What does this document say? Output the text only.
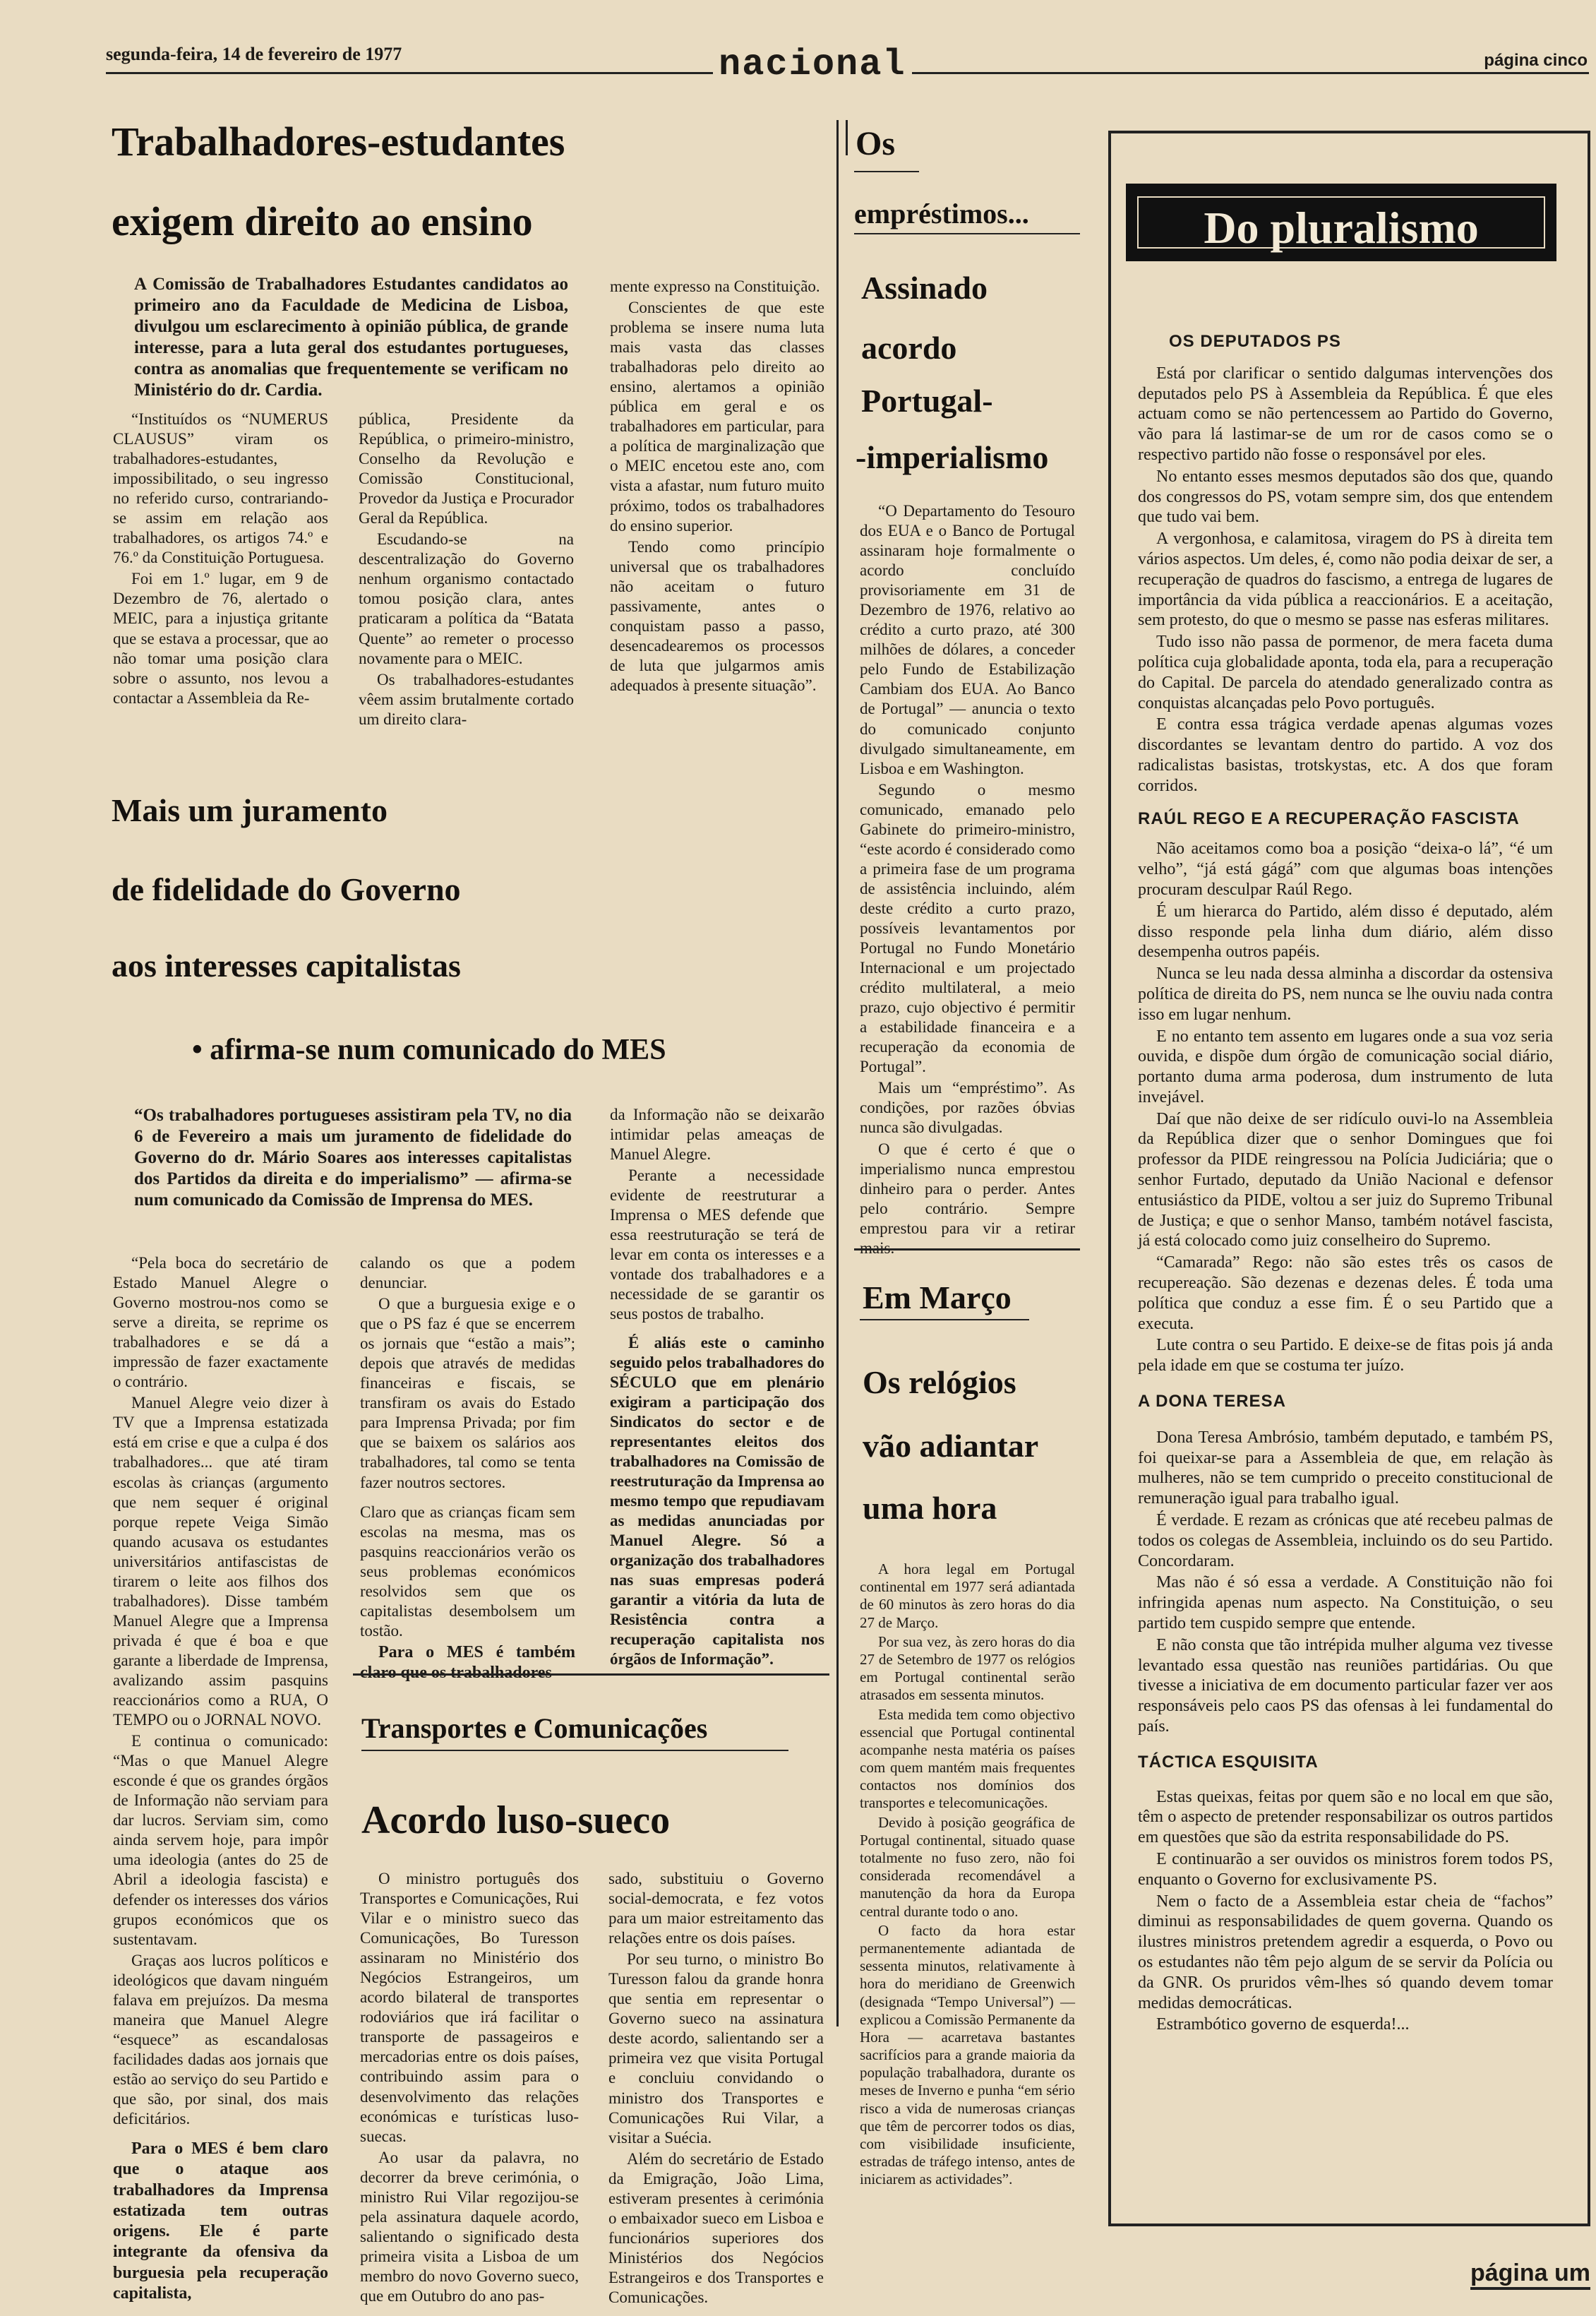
segunda-feira, 14 de fevereiro de 1977	nacional	página cinco
Trabalhadores-estudantes
exigem direito ao ensino
A Comissão de Trabalhadores Estudantes candidatos ao primeiro ano da Faculdade de Medicina de Lisboa, divulgou um esclarecimento à opinião pública, de grande interesse, para a luta geral dos estudantes portugueses, contra as anomalias que frequentemente se verificam no Ministério do dr. Cardia.

“Instituídos os “NUMERUS CLAUSUS” viram os trabalhadores-estudantes, impossibilitado, o seu ingresso no referido curso, contrariando-se assim em relação aos trabalhadores, os artigos 74.º e 76.º da Constituição Portuguesa.

Foi em 1.º lugar, em 9 de Dezembro de 76, alertado o MEIC, para a injustiça gritante que se estava a processar, que ao não tomar uma posição clara sobre o assunto, nos levou a contactar a Assembleia da Re-

pública, Presidente da República, o primeiro-ministro, Conselho da Revolução e Comissão Constitucional, Provedor da Justiça e Procurador Geral da República.

Escudando-se na descentralização do Governo nenhum organismo contactado tomou posição clara, antes praticaram a política da “Batata Quente” ao remeter o processo novamente para o MEIC.

Os trabalhadores-estudantes vêem assim brutalmente cortado um direito clara-

mente expresso na Constituição.

Conscientes de que este problema se insere numa luta mais vasta das classes trabalhadoras pelo direito ao ensino, alertamos a opinião pública em geral e os trabalhadores em particular, para a política de marginalização que o MEIC encetou este ano, com vista a afastar, num futuro muito próximo, todos os trabalhadores do ensino superior.

Tendo como princípio universal que os trabalhadores não aceitam o futuro passivamente, antes o conquistam passo a passo, desencadearemos os processos de luta que julgarmos amis adequados à presente situação”.

Mais um juramento
de fidelidade do Governo
aos interesses capitalistas
• afirma-se num comunicado do MES
“Os trabalhadores portugueses assistiram pela TV, no dia 6 de Fevereiro a mais um juramento de fidelidade do Governo do dr. Mário Soares aos interesses capitalistas dos Partidos da direita e do imperialismo” — afirma-se num comunicado da Comissão de Imprensa do MES.

“Pela boca do secretário de Estado Manuel Alegre o Governo mostrou-nos como se serve a direita, se reprime os trabalhadores e se dá a impressão de fazer exactamente o contrário.

Manuel Alegre veio dizer à TV que a Imprensa estatizada está em crise e que a culpa é dos trabalhadores... que até tiram escolas às crianças (argumento que nem sequer é original porque repete Veiga Simão quando acusava os estudantes universitários antifascistas de tirarem o leite aos filhos dos trabalhadores). Disse também Manuel Alegre que a Imprensa privada é que é boa e que garante a liberdade de Imprensa, avalizando assim pasquins reaccionários como a RUA, O TEMPO ou o JORNAL NOVO.

E continua o comunicado: “Mas o que Manuel Alegre esconde é que os grandes órgãos de Informação não serviam para dar lucros. Serviam sim, como ainda servem hoje, para impôr uma ideologia (antes do 25 de Abril a ideologia fascista) e defender os interesses dos vários grupos económicos que os sustentavam.

Graças aos lucros políticos e ideológicos que davam ninguém falava em prejuízos. Da mesma maneira que Manuel Alegre “esquece” as escandalosas facilidades dadas aos jornais que estão ao serviço do seu Partido e que são, por sinal, dos mais deficitários.

Para o MES é bem claro que o ataque aos trabalhadores da Imprensa estatizada tem outras origens. Ele é parte integrante da ofensiva da burguesia pela recuperação capitalista,

calando os que a podem denunciar.

O que a burguesia exige e o que o PS faz é que se encerrem os jornais que “estão a mais”; depois que através de medidas financeiras e fiscais, se transfiram os avais do Estado para Imprensa Privada; por fim que se baixem os salários aos trabalhadores, tal como se tenta fazer noutros sectores.

Claro que as crianças ficam sem escolas na mesma, mas os pasquins reaccionários verão os seus problemas económicos resolvidos sem que os capitalistas desembolsem um tostão.

Para o MES é também

da Informação não se deixarão intimidar pelas ameaças de Manuel Alegre.

Perante a necessidade evidente de reestruturar a Imprensa o MES defende que essa reestruturação se terá de levar em conta os interesses e a vontade dos trabalhadores e a necessidade de se garantir os seus postos de trabalho.

É aliás este o caminho seguido pelos trabalhadores do SÉCULO que em plenário exigiram a participação dos Sindicatos do sector e de representantes eleitos dos trabalhadores na Comissão de reestruturação da Imprensa ao mesmo tempo que repudiavam as medidas anunciadas por Manuel Alegre. Só a organização dos trabalhadores nas suas empresas poderá garantir a vitória da luta de Resistência contra a recuperação capitalista nos órgãos de Informação”.

Transportes e Comunicações
Acordo luso-sueco

O ministro português dos Transportes e Comunicações, Rui Vilar e o ministro sueco das Comunicações, Bo Turesson assinaram no Ministério dos Negócios Estrangeiros, um acordo bilateral de transportes rodoviários que irá facilitar o transporte de passageiros e mercadorias entre os dois países, contribuindo assim para o desenvolvimento das relações económicas e turísticas luso-suecas.

Ao usar da palavra, no decorrer da breve cerimónia, o ministro Rui Vilar regozijou-se pela assinatura daquele acordo, salientando o significado desta primeira visita a Lisboa de um membro do novo Governo sueco, que em Outubro do ano pas-

sado, substituiu o Governo social-democrata, e fez votos para um maior estreitamento das relações entre os dois países.

Por seu turno, o ministro Bo Turesson falou da grande honra que sentia em representar o Governo sueco na assinatura deste acordo, salientando ser a primeira vez que visita Portugal e concluiu convidando o ministro dos Transportes e Comunicações Rui Vilar, a visitar a Suécia.

Além do secretário de Estado da Emigração, João Lima, estiveram presentes à cerimónia o embaixador sueco em Lisboa e funcionários superiores dos Ministérios dos Negócios Estrangeiros e dos Transportes e Comunicações.

Os
empréstimos...
Assinado
acordo
Portugal-
-imperialismo

“O Departamento do Tesouro dos EUA e o Banco de Portugal assinaram hoje formalmente o acordo concluído provisoriamente em 31 de Dezembro de 1976, relativo ao crédito a curto prazo, até 300 milhões de dólares, a conceder pelo Fundo de Estabilização Cambiam dos EUA. Ao Banco de Portugal” — anuncia o texto do comunicado conjunto divulgado simultaneamente, em Lisboa e em Washington.

Segundo o mesmo comunicado, emanado pelo Gabinete do primeiro-ministro, “este acordo é considerado como a primeira fase de um programa de assistência incluindo, além deste crédito a curto prazo, possíveis levantamentos por Portugal no Fundo Monetário Internacional e um projectado crédito multilateral, a meio prazo, cujo objectivo é permitir a estabilidade financeira e a recuperação da economia de Portugal”.

Mais um “empréstimo”. As condições, por razões óbvias nunca são divulgadas.

O que é certo é que o imperialismo nunca emprestou dinheiro para o perder. Antes pelo contrário. Sempre emprestou para vir a retirar

Em Março
Os relógios
vão adiantar
uma hora

A hora legal em Portugal continental em 1977 será adiantada de 60 minutos às zero horas do dia 27 de Março.

Por sua vez, às zero horas do dia 27 de Setembro de 1977 os relógios em Portugal continental serão atrasados em sessenta minutos.

Esta medida tem como objectivo essencial que Portugal continental acompanhe nesta matéria os países com quem mantém mais frequentes contactos nos domínios dos transportes e telecomunicações.

Devido à posição geográfica de Portugal continental, situado quase totalmente no fuso zero, não foi considerada recomendável a manutenção da hora da Europa central durante todo o ano.

O facto da hora estar permanentemente adiantada de sessenta minutos, relativamente à hora do meridiano de Greenwich (designada “Tempo Universal”) — explicou a Comissão Permanente da Hora — acarretava bastantes sacrifícios para a grande maioria da população trabalhadora, durante os meses de Inverno e punha “em sério risco a vida de numerosas crianças que têm de percorrer todos os dias, com visibilidade insuficiente, estradas de tráfego intenso, antes de iniciarem as actividades”.

Do pluralismo
OS DEPUTADOS PS

Está por clarificar o sentido dalgumas intervenções dos deputados pelo PS à Assembleia da República. É que eles actuam como se não pertencessem ao Partido do Governo, vão para lá lastimar-se de um ror de casos como se o respectivo partido não fosse o responsável por eles.

No entanto esses mesmos deputados são dos que, quando dos congressos do PS, votam sempre sim, dos que entendem que tudo vai bem.

A vergonhosa, e calamitosa, viragem do PS à direita tem vários aspectos. Um deles, é, como não podia deixar de ser, a recuperação de quadros do fascismo, a entrega de lugares de importância da vida pública a reaccionários. E a aceitação, sem protesto, do que o mesmo se passe nas esferas militares.

Tudo isso não passa de pormenor, de mera faceta duma política cuja globalidade aponta, toda ela, para a recuperação do Capital. De parcela do atendado generalizado contra as conquistas alcançadas pelo Povo português.

E contra essa trágica verdade apenas algumas vozes discordantes se levantam dentro do partido. A voz dos radicalistas basistas, trotskystas, etc. A dos que foram corridos.

RAÚL REGO E A RECUPERAÇÃO FASCISTA

Não aceitamos como boa a posição “deixa-o lá”, “é um velho”, “já está gágá” com que algumas boas intenções procuram desculpar Raúl Rego.

É um hierarca do Partido, além disso é deputado, além disso responde pela linha dum diário, além disso desempenha outros papéis.

Nunca se leu nada dessa alminha a discordar da ostensiva política de direita do PS, nem nunca se lhe ouviu nada contra isso em lugar nenhum.

E no entanto tem assento em lugares onde a sua voz seria ouvida, e dispõe dum órgão de comunicação social diário, portanto duma arma poderosa, dum instrumento de luta invejável.

Daí que não deixe de ser ridículo ouvi-lo na Assembleia da República dizer que o senhor Domingues que foi professor da PIDE reingressou na Polícia Judiciária; que o senhor Furtado, deputado da União Nacional e defensor entusiástico da PIDE, voltou a ser juiz do Supremo Tribunal de Justiça; e que o senhor Manso, também notável fascista, já está colocado como juiz conselheiro do Supremo.

“Camarada” Rego: não são estes três os casos de recupereação. São dezenas e dezenas deles. É toda uma política que conduz a esse fim. É o seu Partido que a executa.

Lute contra o seu Partido. E deixe-se de fitas pois já anda pela idade em que se costuma ter juízo.

A DONA TERESA

Dona Teresa Ambrósio, também deputado, e também PS, foi queixar-se para a Assembleia de que, em relação às mulheres, não se tem cumprido o preceito constitucional de remuneração igual para trabalho igual.

É verdade. E rezam as crónicas que até recebeu palmas de todos os colegas de Assembleia, incluindo os do seu Partido. Concordaram.

Mas não é só essa a verdade. A Constituição não foi infringida apenas num aspecto. Na Constituição, o seu partido tem cuspido sempre que entende.

E não consta que tão intrépida mulher alguma vez tivesse levantado essa questão nas reuniões partidárias. Ou que tivesse a iniciativa de em documento particular fazer ver aos responsáveis pelo caos PS das ofensas à lei fundamental do país.

TÁCTICA ESQUISITA

Estas queixas, feitas por quem são e no local em que são, têm o aspecto de pretender responsabilizar os outros partidos em questões que são da estrita responsabilidade do PS.

E continuarão a ser ouvidos os ministros forem todos PS, enquanto o Governo for exclusivamente PS.

Nem o facto de a Assembleia estar cheia de “fachos” diminui as responsabilidades de quem governa. Quando os ilustres ministros pretendem agredir a esquerda, o Povo ou os estudantes não têm pejo algum de se servir da Polícia ou da GNR. Os pruridos vêm-lhes só quando devem tomar medidas democráticas.

Estrambótico governo de esquerda!...

página um
